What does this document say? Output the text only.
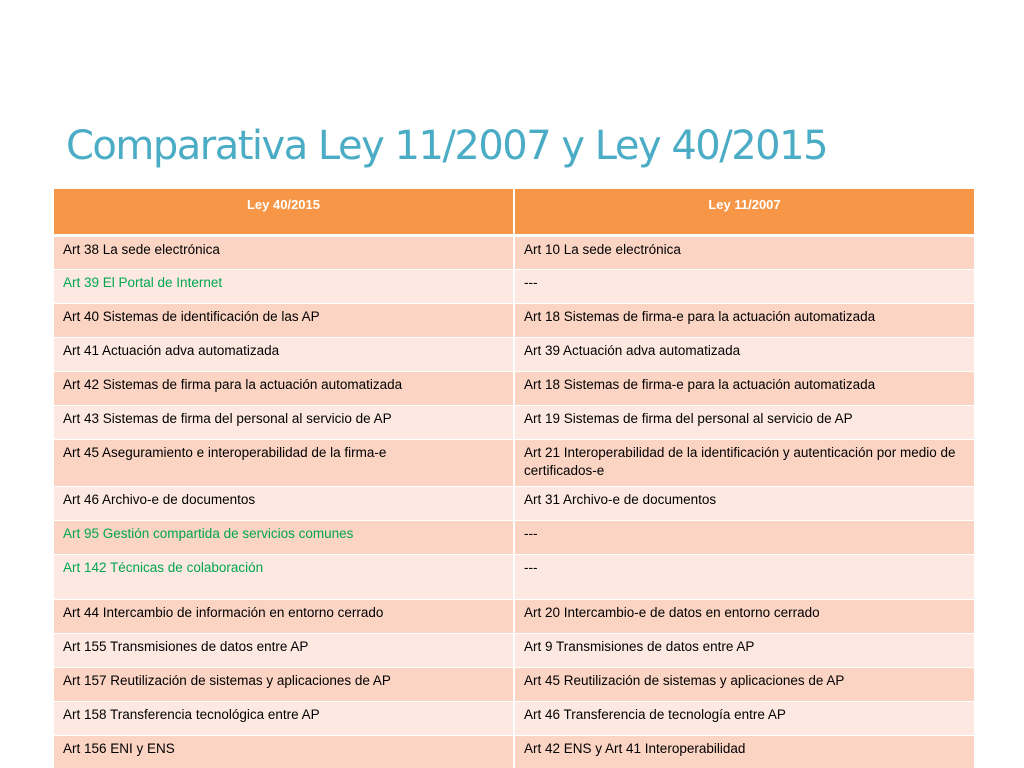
Comparativa Ley 11/2007 y Ley 40/2015
Ley 40/2015	Ley 11/2007
Art 38 La sede electrónica	Art 10 La sede electrónica
Art 39 El Portal de Internet	---
Art 40 Sistemas de identificación de las AP	Art 18 Sistemas de firma-e para la actuación automatizada
Art 41 Actuación adva automatizada	Art 39 Actuación adva automatizada
Art 42 Sistemas de firma para la actuación automatizada	Art 18 Sistemas de firma-e para la actuación automatizada
Art 43 Sistemas de firma del personal al servicio de AP	Art 19 Sistemas de firma del personal al servicio de AP
Art 45 Aseguramiento e interoperabilidad de la firma-e	Art 21 Interoperabilidad de la identificación y autenticación por medio de certificados-e
Art 46 Archivo-e de documentos	Art 31 Archivo-e de documentos
Art 95 Gestión compartida de servicios comunes	---
Art 142 Técnicas de colaboración	---
Art 44 Intercambio de información en entorno cerrado	Art 20 Intercambio-e de datos en entorno cerrado
Art 155 Transmisiones de datos entre AP	Art 9 Transmisiones de datos entre AP
Art 157 Reutilización de sistemas y aplicaciones de AP	Art 45 Reutilización de sistemas y aplicaciones de AP
Art 158 Transferencia tecnológica entre AP	Art 46 Transferencia de tecnología entre AP
Art 156 ENI y ENS	Art 42 ENS y Art 41 Interoperabilidad
